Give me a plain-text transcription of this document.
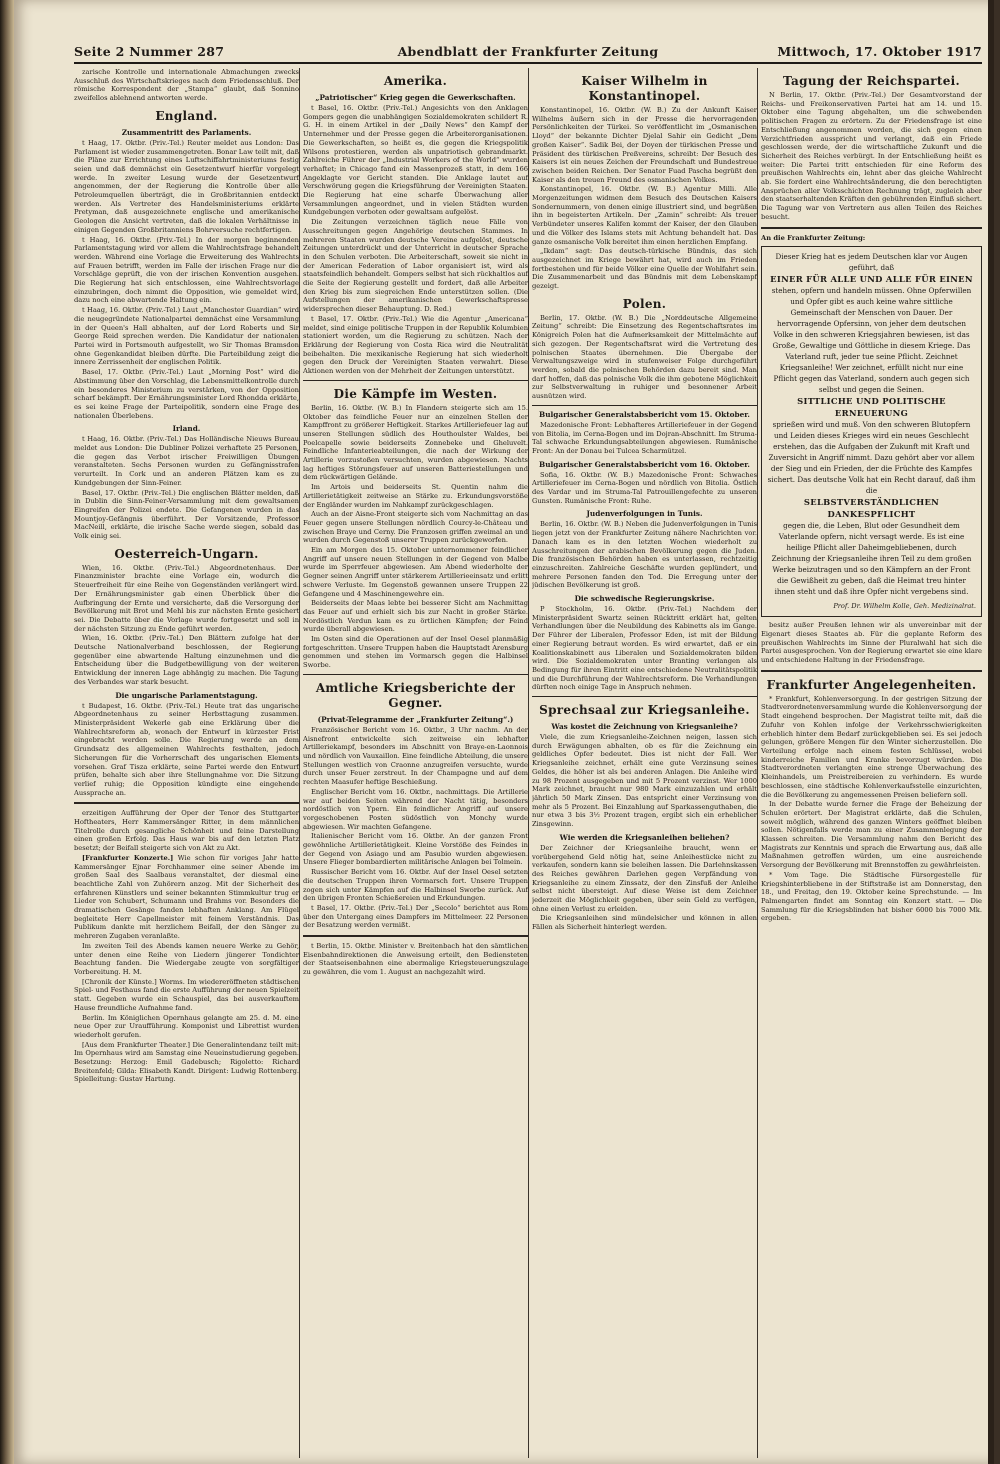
Seite 2 Nummer 287	Abendblatt der Frankfurter Zeitung	Mittwoch, 17. Oktober 1917

zarische Kontrolle und internationale Abmachungen zwecks Ausschluß des Wirtschaftskrieges nach dem Friedensschluß. Der römische Korrespondent der „Stampa“ glaubt, daß Sonnino zweifellos ablehnend antworten werde.

England.
Zusammentritt des Parlaments.

t Haag, 17. Oktbr. (Priv.-Tel.) Reuter meldet aus London: Das Parlament ist wieder zusammengetreten. Bonar Law teilt mit, daß die Pläne zur Errichtung eines Luftschiffahrtministeriums festig seien und daß demnächst ein Gesetzentwurf hierfür vorgelegt werde. In zweiter Lesung wurde der Gesetzentwurf angenommen, der der Regierung die Kontrolle über alle Petroleumquellen überträgt, die in Großbritannien entdeckt werden. Als Vertreter des Handelsministeriums erklärte Pretyman, daß ausgezeichnete englische und amerikanische Geologen die Ansicht vertreten, daß die lokalen Verhältnisse in einigen Gegenden Großbritanniens Bohrversuche rechtfertigen.

t Haag, 16. Oktbr. (Priv.-Tel.) In der morgen beginnenden Parlamentstagung wird vor allem die Wahlrechtsfrage behandelt werden. Während eine Vorlage die Erweiterung des Wahlrechts auf Frauen betrifft, werden im Falle der irischen Frage nur die Vorschläge geprüft, die von der irischen Konvention ausgehen. Die Regierung hat sich entschlossen, eine Wahlrechtsvorlage einzubringen, doch nimmt die Opposition, wie gemeldet wird, dazu noch eine abwartende Haltung ein.

t Haag, 16. Oktbr. (Priv.-Tel.) Laut „Manchester Guardian“ wird die neugegründete Nationalpartei demnächst eine Versammlung in der Queen's Hall abhalten, auf der Lord Roberts und Sir George Reid sprechen werden. Die Kandidatur der nationalen Partei wird in Portsmouth aufgestellt, wo Sir Thomas Bramsdon ohne Gegenkandidat bleiben dürfte. Die Parteibildung zeigt die innere Zerrissenheit der englischen Politik.

Basel, 17. Oktbr. (Priv.-Tel.) Laut „Morning Post“ wird die Abstimmung über den Vorschlag, die Lebensmittelkontrolle durch ein besonderes Ministerium zu verstärken, von der Opposition scharf bekämpft. Der Ernährungsminister Lord Rhondda erklärte, es sei keine Frage der Parteipolitik, sondern eine Frage des nationalen Überlebens.

Irland.

t Haag, 16. Oktbr. (Priv.-Tel.) Das Holländische Nieuws Bureau meldet aus London: Die Dubliner Polizei verhaftete 25 Personen, die gegen das Verbot irischer Freiwilligen Übungen veranstalteten. Sechs Personen wurden zu Gefängnisstrafen verurteilt. In Cork und an anderen Plätzen kam es zu Kundgebungen der Sinn-Feiner.

Basel, 17. Oktbr. (Priv.-Tel.) Die englischen Blätter melden, daß in Dublin die Sinn-Feiner-Versammlung mit dem gewaltsamen Eingreifen der Polizei endete. Die Gefangenen wurden in das Mountjoy-Gefängnis überführt. Der Vorsitzende, Professor MacNeill, erklärte, die irische Sache werde siegen, sobald das Volk einig sei.

Oesterreich-Ungarn.

Wien, 16. Oktbr. (Priv.-Tel.) Abgeordnetenhaus. Der Finanzminister brachte eine Vorlage ein, wodurch die Steuerfreiheit für eine Reihe von Gegenständen verlängert wird. Der Ernährungsminister gab einen Überblick über die Aufbringung der Ernte und versicherte, daß die Versorgung der Bevölkerung mit Brot und Mehl bis zur nächsten Ernte gesichert sei. Die Debatte über die Vorlage wurde fortgesetzt und soll in der nächsten Sitzung zu Ende geführt werden.

Wien, 16. Oktbr. (Priv.-Tel.) Den Blättern zufolge hat der Deutsche Nationalverband beschlossen, der Regierung gegenüber eine abwartende Haltung einzunehmen und die Entscheidung über die Budgetbewilligung von der weiteren Entwicklung der inneren Lage abhängig zu machen. Die Tagung des Verbandes war stark besucht.

Die ungarische Parlamentstagung.

t Budapest, 16. Oktbr. (Priv.-Tel.) Heute trat das ungarische Abgeordnetenhaus zu seiner Herbsttagung zusammen. Ministerpräsident Wekerle gab eine Erklärung über die Wahlrechtsreform ab, wonach der Entwurf in kürzester Frist eingebracht werden solle. Die Regierung werde an dem Grundsatz des allgemeinen Wahlrechts festhalten, jedoch Sicherungen für die Vorherrschaft des ungarischen Elements vorsehen. Graf Tisza erklärte, seine Partei werde den Entwurf prüfen, behalte sich aber ihre Stellungnahme vor. Die Sitzung verlief ruhig; die Opposition kündigte eine eingehende Aussprache an.

erzeitigen Aufführung der Oper der Tenor des Stuttgarter Hoftheaters, Herr Kammersänger Ritter, in dem männlichen Titelrolle durch gesangliche Schönheit und feine Darstellung einen großen Erfolg. Das Haus war bis auf den letzten Platz besetzt; der Beifall steigerte sich von Akt zu Akt.

[Frankfurter Konzerte.] Wie schon für voriges Jahr hatte Kammersänger Ejnar Forchhammer eine seiner Abende im großen Saal des Saalbaus veranstaltet, der diesmal eine beachtliche Zahl von Zuhörern anzog. Mit der Sicherheit des erfahrenen Künstlers und seiner bekannten Stimmkultur trug er Lieder von Schubert, Schumann und Brahms vor. Besonders die dramatischen Gesänge fanden lebhaften Anklang. Am Flügel begleitete Herr Capellmeister mit feinem Verständnis. Das Publikum dankte mit herzlichem Beifall, der den Sänger zu mehreren Zugaben veranlaßte.

Im zweiten Teil des Abends kamen neuere Werke zu Gehör, unter denen eine Reihe von Liedern jüngerer Tondichter Beachtung fanden. Die Wiedergabe zeugte von sorgfältiger Vorbereitung. H. M.

[Chronik der Künste.] Worms. Im wiedereröffneten städtischen Spiel- und Festhaus fand die erste Aufführung der neuen Spielzeit statt. Gegeben wurde ein Schauspiel, das bei ausverkauftem Hause freundliche Aufnahme fand.

Berlin. Im Königlichen Opernhaus gelangte am 25. d. M. eine neue Oper zur Uraufführung. Komponist und Librettist wurden wiederholt gerufen.

[Aus dem Frankfurter Theater.] Die Generalintendanz teilt mit: Im Opernhaus wird am Samstag eine Neueinstudierung gegeben. Besetzung: Herzog: Emil Gadebusch; Rigoletto: Richard Breitenfeld; Gilda: Elisabeth Kandt. Dirigent: Ludwig Rottenberg. Spielleitung: Gustav Hartung.

Amerika.
„Patriotischer“ Krieg gegen die Gewerkschaften.

t Basel, 16. Oktbr. (Priv.-Tel.) Angesichts von den Anklagen Gompers gegen die unabhängigen Sozialdemokraten schildert R. G. H. in einem Artikel in der „Daily News“ den Kampf der Unternehmer und der Presse gegen die Arbeiterorganisationen. Die Gewerkschaften, so heißt es, die gegen die Kriegspolitik Wilsons protestieren, werden als unpatriotisch gebrandmarkt. Zahlreiche Führer der „Industrial Workers of the World“ wurden verhaftet; in Chicago fand ein Massenprozeß statt, in dem 166 Angeklagte vor Gericht standen. Die Anklage lautet auf Verschwörung gegen die Kriegsführung der Vereinigten Staaten. Die Regierung hat eine scharfe Überwachung aller Versammlungen angeordnet, und in vielen Städten wurden Kundgebungen verboten oder gewaltsam aufgelöst.

Die Zeitungen verzeichnen täglich neue Fälle von Ausschreitungen gegen Angehörige deutschen Stammes. In mehreren Staaten wurden deutsche Vereine aufgelöst, deutsche Zeitungen unterdrückt und der Unterricht in deutscher Sprache in den Schulen verboten. Die Arbeiterschaft, soweit sie nicht in der American Federation of Labor organisiert ist, wird als staatsfeindlich behandelt. Gompers selbst hat sich rückhaltlos auf die Seite der Regierung gestellt und fordert, daß alle Arbeiter den Krieg bis zum siegreichen Ende unterstützen sollen. (Die Aufstellungen der amerikanischen Gewerkschaftspresse widersprechen dieser Behauptung. D. Red.)

t Basel, 17. Oktbr. (Priv.-Tel.) Wie die Agentur „Americana“ meldet, sind einige politische Truppen in der Republik Kolumbien stationiert worden, um die Regierung zu schützen. Nach der Erklärung der Regierung von Costa Rica wird die Neutralität beibehalten. Die mexikanische Regierung hat sich wiederholt gegen den Druck der Vereinigten Staaten verwahrt. Diese Aktionen werden von der Mehrheit der Zeitungen unterstützt.

Die Kämpfe im Westen.

Berlin, 16. Oktbr. (W. B.) In Flandern steigerte sich am 15. Oktober das feindliche Feuer nur an einzelnen Stellen der Kampffront zu größerer Heftigkeit. Starkes Artilleriefeuer lag auf unseren Stellungen südlich des Houthoulster Waldes, bei Poelcapelle sowie beiderseits Zonnebeke und Gheluvelt. Feindliche Infanterieabteilungen, die nach der Wirkung der Artillerie vorzustoßen versuchten, wurden abgewiesen. Nachts lag heftiges Störungsfeuer auf unseren Batteriestellungen und dem rückwärtigen Gelände.

Im Artois und beiderseits St. Quentin nahm die Artillerietätigkeit zeitweise an Stärke zu. Erkundungsvorstöße der Engländer wurden im Nahkampf zurückgeschlagen.

Auch an der Aisne-Front steigerte sich vom Nachmittag an das Feuer gegen unsere Stellungen nördlich Courcy-le-Château und zwischen Braye und Cerny. Die Franzosen griffen zweimal an und wurden durch Gegenstoß unserer Truppen zurückgeworfen.

Ein am Morgen des 15. Oktober unternommener feindlicher Angriff auf unsere neuen Stellungen in der Gegend von Malbe wurde im Sperrfeuer abgewiesen. Am Abend wiederholte der Gegner seinen Angriff unter stärkerem Artillerieeinsatz und erlitt schwere Verluste. Im Gegenstoß gewannen unsere Truppen 22 Gefangene und 4 Maschinengewehre ein.

Beiderseits der Maas lebte bei besserer Sicht am Nachmittag das Feuer auf und erhielt sich bis zur Nacht in großer Stärke. Nordöstlich Verdun kam es zu örtlichen Kämpfen; der Feind wurde überall abgewiesen.

Im Osten sind die Operationen auf der Insel Oesel planmäßig fortgeschritten. Unsere Truppen haben die Hauptstadt Arensburg genommen und stehen im Vormarsch gegen die Halbinsel Sworbe.

Amtliche Kriegsberichte der Gegner.
(Privat-Telegramme der „Frankfurter Zeitung“.)

Französischer Bericht vom 16. Oktbr., 3 Uhr nachm. An der Aisnefront entwickelte sich zeitweise ein lebhafter Artilleriekampf, besonders im Abschnitt von Braye-en-Laonnois und nördlich von Vauxaillon. Eine feindliche Abteilung, die unsere Stellungen westlich von Craonne anzugreifen versuchte, wurde durch unser Feuer zerstreut. In der Champagne und auf dem rechten Maasufer heftige Beschießung.

Englischer Bericht vom 16. Oktbr., nachmittags. Die Artillerie war auf beiden Seiten während der Nacht tätig, besonders nordöstlich von Ypern. Ein feindlicher Angriff auf unsere vorgeschobenen Posten südöstlich von Monchy wurde abgewiesen. Wir machten Gefangene.

Italienischer Bericht vom 16. Oktbr. An der ganzen Front gewöhnliche Artillerietätigkeit. Kleine Vorstöße des Feindes in der Gegend von Asiago und am Pasubio wurden abgewiesen. Unsere Flieger bombardierten militärische Anlagen bei Tolmein.

Russischer Bericht vom 16. Oktbr. Auf der Insel Oesel setzten die deutschen Truppen ihren Vormarsch fort. Unsere Truppen zogen sich unter Kämpfen auf die Halbinsel Sworbe zurück. Auf den übrigen Fronten Schießereien und Erkundungen.

t Basel, 17. Oktbr. (Priv.-Tel.) Der „Secolo“ berichtet aus Rom über den Untergang eines Dampfers im Mittelmeer. 22 Personen der Besatzung werden vermißt.

t Berlin, 15. Oktbr. Minister v. Breitenbach hat den sämtlichen Eisenbahndirektionen die Anweisung erteilt, den Bediensteten der Staatseisenbahnen eine abermalige Kriegsteuerungszulage zu gewähren, die vom 1. August an nachgezahlt wird.

Kaiser Wilhelm in Konstantinopel.

Konstantinopel, 16. Oktbr. (W. B.) Zu der Ankunft Kaiser Wilhelms äußern sich in der Presse die hervorragenden Persönlichkeiten der Türkei. So veröffentlicht im „Osmanischen Lloyd“ der bekannte Dichter Djelal Sahir ein Gedicht „Dem großen Kaiser“. Sadik Bei, der Doyen der türkischen Presse und Präsident des türkischen Preßvereins, schreibt: Der Besuch des Kaisers ist ein neues Zeichen der Freundschaft und Bundestreue zwischen beiden Reichen. Der Senator Fuad Pascha begrüßt den Kaiser als den treuen Freund des osmanischen Volkes.

Konstantinopel, 16. Oktbr. (W. B.) Agentur Milli. Alle Morgenzeitungen widmen dem Besuch des Deutschen Kaisers Sondernummern, von denen einige illustriert sind, und begrüßen ihn in begeisterten Artikeln. Der „Zamin“ schreibt: Als treuer Verbündeter unseres Kalifen kommt der Kaiser, der den Glauben und die Völker des Islams stets mit Achtung behandelt hat. Das ganze osmanische Volk bereitet ihm einen herzlichen Empfang.

„Ikdam“ sagt: Das deutsch-türkische Bündnis, das sich ausgezeichnet im Kriege bewährt hat, wird auch im Frieden fortbestehen und für beide Völker eine Quelle der Wohlfahrt sein. Die Zusammenarbeit und das Bündnis mit dem Lebenskampf gezeigt.

Polen.

Berlin, 17. Oktbr. (W. B.) Die „Norddeutsche Allgemeine Zeitung“ schreibt: Die Einsetzung des Regentschaftsrates im Königreich Polen hat die Aufmerksamkeit der Mittelmächte auf sich gezogen. Der Regentschaftsrat wird die Vertretung des polnischen Staates übernehmen. Die Übergabe der Verwaltungszweige wird in stufenweiser Folge durchgeführt werden, sobald die polnischen Behörden dazu bereit sind. Man darf hoffen, daß das polnische Volk die ihm gebotene Möglichkeit zur Selbstverwaltung in ruhiger und besonnener Arbeit ausnützen wird.

Bulgarischer Generalstabsbericht vom 15. Oktober.

Mazedonische Front: Lebhafteres Artilleriefeuer in der Gegend von Bitolia, im Cerna-Bogen und im Dojran-Abschnitt. Im Struma-Tal schwache Erkundungsabteilungen abgewiesen. Rumänische Front: An der Donau bei Tulcea Scharmützel.

Bulgarischer Generalstabsbericht vom 16. Oktober.

Sofia, 16. Oktbr. (W. B.) Mazedonische Front: Schwaches Artilleriefeuer im Cerna-Bogen und nördlich von Bitolia. Östlich des Vardar und im Struma-Tal Patrouillengefechte zu unseren Gunsten. Rumänische Front: Ruhe.

Judenverfolgungen in Tunis.

Berlin, 16. Oktbr. (W. B.) Neben die Judenverfolgungen in Tunis liegen jetzt von der Frankfurter Zeitung nähere Nachrichten vor. Danach kam es in den letzten Wochen wiederholt zu Ausschreitungen der arabischen Bevölkerung gegen die Juden. Die französischen Behörden haben es unterlassen, rechtzeitig einzuschreiten. Zahlreiche Geschäfte wurden geplündert, und mehrere Personen fanden den Tod. Die Erregung unter der jüdischen Bevölkerung ist groß.

Die schwedische Regierungskrise.

P Stockholm, 16. Oktbr. (Priv.-Tel.) Nachdem der Ministerpräsident Swartz seinen Rücktritt erklärt hat, gelten Verhandlungen über die Neubildung des Kabinetts als im Gange. Der Führer der Liberalen, Professor Eden, ist mit der Bildung einer Regierung betraut worden. Es wird erwartet, daß er ein Koalitionskabinett aus Liberalen und Sozialdemokraten bilden wird. Die Sozialdemokraten unter Branting verlangen als Bedingung für ihren Eintritt eine entschiedene Neutralitätspolitik und die Durchführung der Wahlrechtsreform. Die Verhandlungen dürften noch einige Tage in Anspruch nehmen.

Sprechsaal zur Kriegsanleihe.
Was kostet die Zeichnung von Kriegsanleihe?

Viele, die zum Kriegsanleihe-Zeichnen neigen, lassen sich durch Erwägungen abhalten, ob es für die Zeichnung ein geldliches Opfer bedeutet. Dies ist nicht der Fall. Wer Kriegsanleihe zeichnet, erhält eine gute Verzinsung seines Geldes, die höher ist als bei anderen Anlagen. Die Anleihe wird zu 98 Prozent ausgegeben und mit 5 Prozent verzinst. Wer 1000 Mark zeichnet, braucht nur 980 Mark einzuzahlen und erhält jährlich 50 Mark Zinsen. Das entspricht einer Verzinsung von mehr als 5 Prozent. Bei Einzahlung auf Sparkassenguthaben, die nur etwa 3 bis 3½ Prozent tragen, ergibt sich ein erheblicher Zinsgewinn.

Wie werden die Kriegsanleihen beliehen?

Der Zeichner der Kriegsanleihe braucht, wenn er vorübergehend Geld nötig hat, seine Anleihestücke nicht zu verkaufen, sondern kann sie beleihen lassen. Die Darlehnskassen des Reiches gewähren Darlehen gegen Verpfändung von Kriegsanleihe zu einem Zinssatz, der den Zinsfuß der Anleihe selbst nicht übersteigt. Auf diese Weise ist dem Zeichner jederzeit die Möglichkeit gegeben, über sein Geld zu verfügen, ohne einen Verlust zu erleiden.

Die Kriegsanleihen sind mündelsicher und können in allen Fällen als Sicherheit hinterlegt werden.

Tagung der Reichspartei.

N Berlin, 17. Oktbr. (Priv.-Tel.) Der Gesamtvorstand der Reichs- und Freikonservativen Partei hat am 14. und 15. Oktober eine Tagung abgehalten, um die schwebenden politischen Fragen zu erörtern. Zu der Friedensfrage ist eine Entschließung angenommen worden, die sich gegen einen Verzichtfrieden ausspricht und verlangt, daß ein Friede geschlossen werde, der die wirtschaftliche Zukunft und die Sicherheit des Reiches verbürgt. In der Entschließung heißt es weiter: Die Partei tritt entschieden für eine Reform des preußischen Wahlrechts ein, lehnt aber das gleiche Wahlrecht ab. Sie fordert eine Wahlrechtsänderung, die den berechtigten Ansprüchen aller Volksschichten Rechnung trägt, zugleich aber den staatserhaltenden Kräften den gebührenden Einfluß sichert. Die Tagung war von Vertretern aus allen Teilen des Reiches besucht.

An die Frankfurter Zeitung:

Dieser Krieg hat es jedem Deutschen klar vor Augen geführt, daß

EINER FÜR ALLE UND ALLE FÜR EINEN

stehen, opfern und handeln müssen. Ohne Opferwillen und Opfer gibt es auch keine wahre sittliche Gemeinschaft der Menschen von Dauer. Der hervorragende Opfersinn, von jeher dem deutschen Volke in den schweren Kriegsjahren bewiesen, ist das Große, Gewaltige und Göttliche in diesem Kriege. Das Vaterland ruft, jeder tue seine Pflicht. Zeichnet Kriegsanleihe! Wer zeichnet, erfüllt nicht nur eine Pflicht gegen das Vaterland, sondern auch gegen sich selbst und gegen die Seinen.

SITTLICHE UND POLITISCHE ERNEUERUNG

sprießen wird und muß. Von den schweren Blutopfern und Leiden dieses Krieges wird ein neues Geschlecht erstehen, das die Aufgaben der Zukunft mit Kraft und Zuversicht in Angriff nimmt. Dazu gehört aber vor allem der Sieg und ein Frieden, der die Früchte des Kampfes sichert. Das deutsche Volk hat ein Recht darauf, daß ihm die

SELBSTVERSTÄNDLICHEN DANKESPFLICHT

gegen die, die Leben, Blut oder Gesundheit dem Vaterlande opfern, nicht versagt werde. Es ist eine heilige Pflicht aller Daheimgebliebenen, durch Zeichnung der Kriegsanleihe ihren Teil zu dem großen Werke beizutragen und so den Kämpfern an der Front die Gewißheit zu geben, daß die Heimat treu hinter ihnen steht und daß ihre Opfer nicht vergebens sind.

Prof. Dr. Wilhelm Kolle, Geh. Medizinalrat.

besitz außer Preußen lehnen wir als unvereinbar mit der Eigenart dieses Staates ab. Für die geplante Reform des preußischen Wahlrechts im Sinne der Pluralwahl hat sich die Partei ausgesprochen. Von der Regierung erwartet sie eine klare und entschiedene Haltung in der Friedensfrage.

Frankfurter Angelegenheiten.

* Frankfurt, Kohlenversorgung. In der gestrigen Sitzung der Stadtverordnetenversammlung wurde die Kohlenversorgung der Stadt eingehend besprochen. Der Magistrat teilte mit, daß die Zufuhr von Kohlen infolge der Verkehrsschwierigkeiten erheblich hinter dem Bedarf zurückgeblieben sei. Es sei jedoch gelungen, größere Mengen für den Winter sicherzustellen. Die Verteilung erfolge nach einem festen Schlüssel, wobei kinderreiche Familien und Kranke bevorzugt würden. Die Stadtverordneten verlangten eine strenge Überwachung des Kleinhandels, um Preistreibereien zu verhindern. Es wurde beschlossen, eine städtische Kohlenverkaufsstelle einzurichten, die die Bevölkerung zu angemessenen Preisen beliefern soll.

In der Debatte wurde ferner die Frage der Beheizung der Schulen erörtert. Der Magistrat erklärte, daß die Schulen, soweit möglich, während des ganzen Winters geöffnet bleiben sollen. Nötigenfalls werde man zu einer Zusammenlegung der Klassen schreiten. Die Versammlung nahm den Bericht des Magistrats zur Kenntnis und sprach die Erwartung aus, daß alle Maßnahmen getroffen würden, um eine ausreichende Versorgung der Bevölkerung mit Brennstoffen zu gewährleisten.

* Vom Tage. Die Städtische Fürsorgestelle für Kriegshinterbliebene in der Stiftstraße ist am Donnerstag, den 18., und Freitag, den 19. Oktober keine Sprechstunde. — Im Palmengarten findet am Sonntag ein Konzert statt. — Die Sammlung für die Kriegsblinden hat bisher 6000 bis 7000 Mk. ergeben.
